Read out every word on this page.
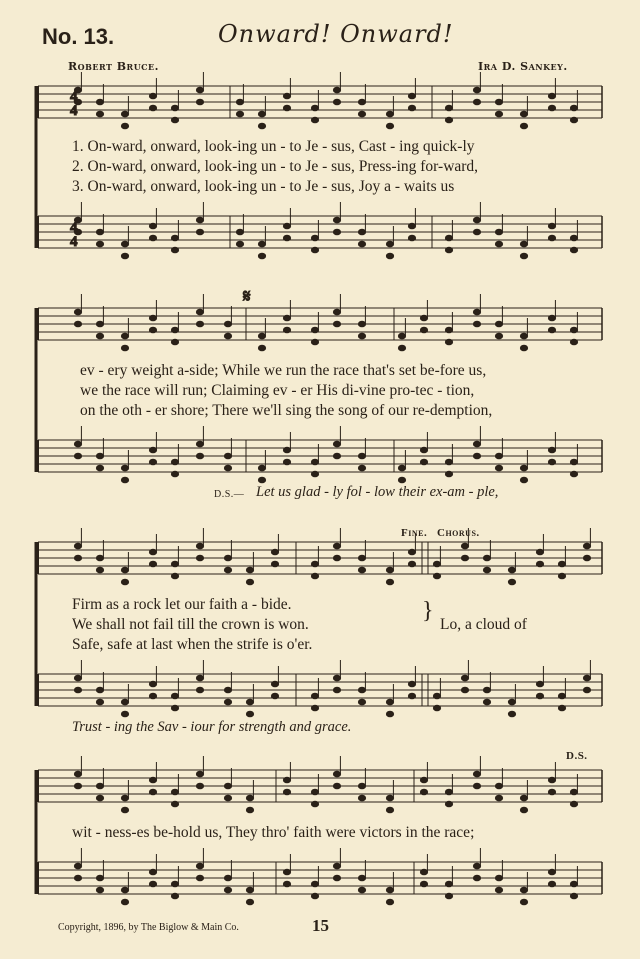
No. 13.	Onward! Onward!
Robert Bruce.	Ira D. Sankey.
4
4
4
4
𝄋
1. On-ward, onward, look-ing un - to Je - sus, Cast - ing quick-ly
2. On-ward, onward, look-ing un - to Je - sus, Press-ing for-ward,
3. On-ward, onward, look-ing un - to Je - sus, Joy a - waits us
ev - ery weight a-side; While we run the race that's set be-fore us,
we the race will run; Claiming ev - er His di-vine pro-tec - tion,
on the oth - er shore; There we'll sing the song of our re-demption,
D.S.— Let us glad - ly fol - low their ex-am - ple,
Fine. Chorus.
Firm as a rock let our faith a - bide.
We shall not fail till the crown is won.
Safe, safe at last when the strife is o'er.
}
Lo, a cloud of
Trust - ing the Sav - iour for strength and grace.
D.S.
wit - ness-es be-hold us, They thro' faith were victors in the race;
Copyright, 1896, by The Biglow & Main Co.	15
